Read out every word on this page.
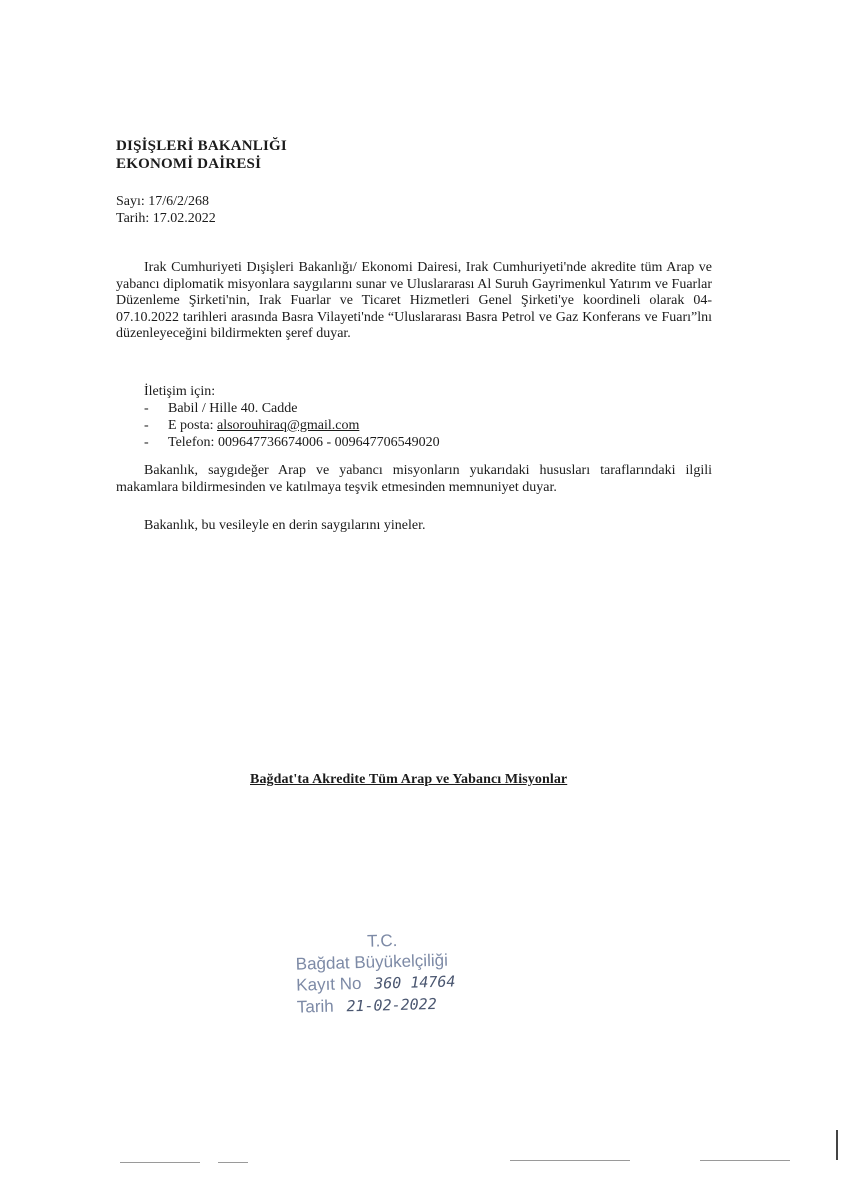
DIŞİŞLERİ BAKANLIĞI
EKONOMİ DAİRESİ
Sayı: 17/6/2/268
Tarih: 17.02.2022
Irak Cumhuriyeti Dışişleri Bakanlığı/ Ekonomi Dairesi, Irak Cumhuriyeti'nde akredite tüm Arap ve yabancı diplomatik misyonlara saygılarını sunar ve Uluslararası Al Suruh Gayrimenkul Yatırım ve Fuarlar Düzenleme Şirketi'nin, Irak Fuarlar ve Ticaret Hizmetleri Genel Şirketi'ye koordineli olarak 04-07.10.2022 tarihleri arasında Basra Vilayeti'nde “Uluslararası Basra Petrol ve Gaz Konferans ve Fuarı”lnı düzenleyeceğini bildirmekten şeref duyar.
İletişim için:
- Babil / Hille 40. Cadde
- E posta: alsorouhiraq@gmail.com
- Telefon: 009647736674006 - 009647706549020
Bakanlık, saygıdeğer Arap ve yabancı misyonların yukarıdaki hususları taraflarındaki ilgili makamlara bildirmesinden ve katılmaya teşvik etmesinden memnuniyet duyar.
Bakanlık, bu vesileyle en derin saygılarını yineler.
Bağdat'ta Akredite Tüm Arap ve Yabancı Misyonlar
T.C.
Bağdat Büyükelçiliği
Kayıt No 360 14764
Tarih 21-02-2022
